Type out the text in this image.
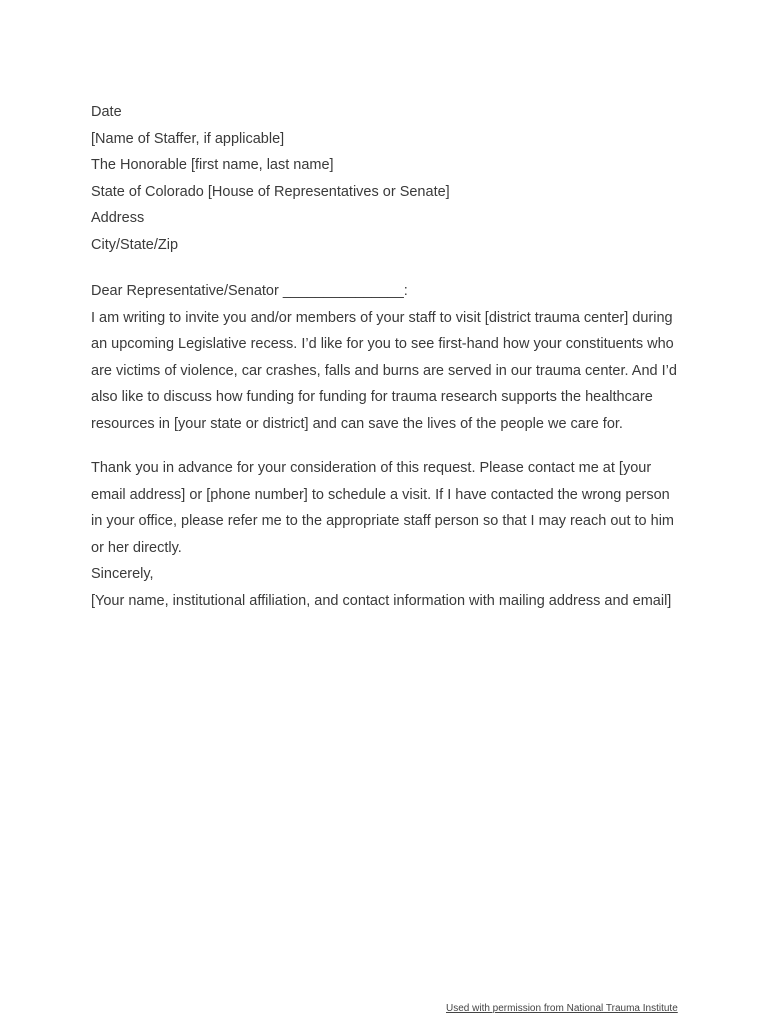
Date
[Name of Staffer, if applicable]
The Honorable [first name, last name]
State of Colorado [House of Representatives or Senate]
Address
City/State/Zip
Dear Representative/Senator _______________:

I am writing to invite you and/or members of your staff to visit [district trauma center] during an upcoming Legislative recess. I’d like for you to see first-hand how your constituents who are victims of violence, car crashes, falls and burns are served in our trauma center. And I’d also like to discuss how funding for funding for trauma research supports the healthcare resources in [your state or district] and can save the lives of the people we care for.

Thank you in advance for your consideration of this request. Please contact me at [your email address] or [phone number] to schedule a visit. If I have contacted the wrong person in your office, please refer me to the appropriate staff person so that I may reach out to him or her directly.

Sincerely,

[Your name, institutional affiliation, and contact information with mailing address and email]

Used with permission from National Trauma Institute
